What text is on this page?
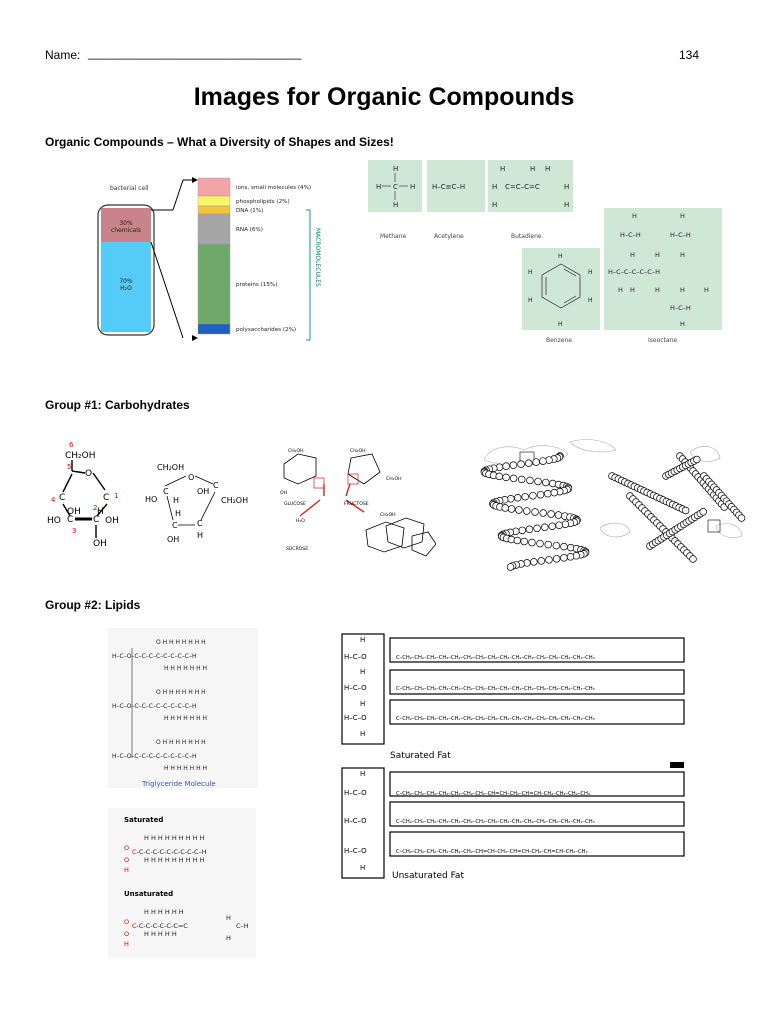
Name: ________________________________	134
Images for Organic Compounds
Organic Compounds – What a Diversity of Shapes and Sizes!
bacterial cell
30%
chemicals
70%
H₂O
ions, small molecules (4%)
phospholipids (2%)
DNA (1%)
RNA (6%)
proteins (15%)
polysaccharides (2%)
MACROMOLECULES
H
H C H
H
H–C≡C–H
H	H H
H C=C–C=C	H
H	H
Methane	Acetylene	Butadiene
H
H
H
H
H
H
Benzene
H	H
H–C–H	H–C–H
H	H	H
H–C–C–C–C–C–H
H H	H	H	H
H–C–H
H
Isooctane
Group #1: Carbohydrates
6
CH₂OH
5
O
4	1
C	C
OH H
HO	OH
C C
3
2
OH
CH₂OH
O
HO
C
H
OH
C
H
CH₂OH
C C
OH H
CH₂OH	CH₂OH
CH₂OH
OH
CH₂OH
H₂O
GLUCOSE	FRUCTOSE
SUCROSE
Group #2: Lipids
O H H H H H H H
H–C–O–C–C–C–C–C–C–C–C–H
H H H H H H H
O H H H H H H H
H–C–O–C–C–C–C–C–C–C–C–H
H H H H H H H
O H H H H H H H
H–C–O–C–C–C–C–C–C–C–C–H
H H H H H H H
Triglyceride Molecule
Saturated
Unsaturated
H H H H H H H H H
O C-C-C-C-C-C-C-C-C-C–H
O H H H H H H H H H
H
H H H H H H
O C-C-C-C-C-C-C=C
O H H H H H
H
H
C–H
H
Saturated Fat
Unsaturated Fat
C–CH₂–CH₂–CH₂–CH₂–CH₂–CH₂–CH₂–CH₂–CH₂–CH₂–CH₂–CH₂–CH₂–CH₂–CH₂–CH₃
C–CH₂–CH₂–CH₂–CH₂–CH₂–CH₂–CH₂–CH₂–CH₂–CH₂–CH₂–CH₂–CH₂–CH₂–CH₂–CH₃
C–CH₂–CH₂–CH₂–CH₂–CH₂–CH₂–CH₂–CH₂–CH₂–CH₂–CH₂–CH₂–CH₂–CH₂–CH₂–CH₃
C–CH₂–CH₂–CH₂–CH₂–CH₂–CH₂–CH₂–CH=CH–CH₂–CH=CH–CH₂–CH₂–CH₂–CH₃
C–CH₂–CH₂–CH₂–CH₂–CH₂–CH₂–CH₂–CH₂–CH₂–CH₂–CH₂–CH₂–CH₂–CH₂–CH₂–CH₃
C–CH₂–CH₂–CH₂–CH₂–CH₂–CH₂–CH=CH–CH₂–CH=CH–CH₂–CH=CH–CH₂–CH₃
H
H–C–O
H
H–C–O
H
H–C–O
H
H
H–C–O
H–C–O
H–C–O
H
